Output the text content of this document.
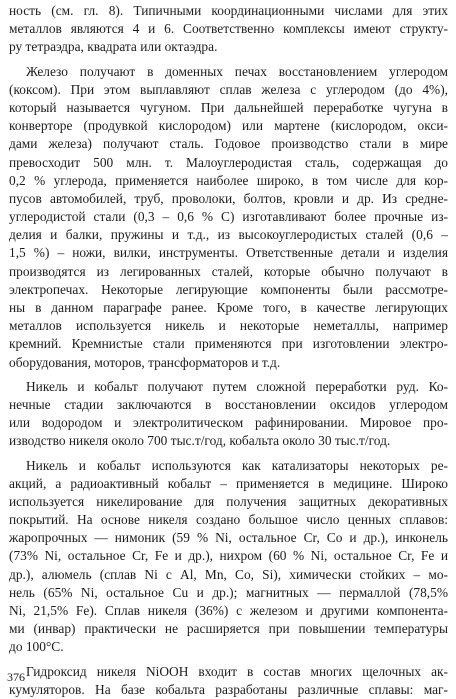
ность (см. гл. 8). Типичными координационными числами для этих
металлов являются 4 и 6. Соответственно комплексы имеют структу-
ру тетраэдра, квадрата или октаэдра.
Железо получают в доменных печах восстановлением углеродом
(коксом). При этом выплавляют сплав железа с углеродом (до 4%),
который называется чугуном. При дальнейшей переработке чугуна в
конверторе (продувкой кислородом) или мартене (кислородом, окси-
дами железа) получают сталь. Годовое производство стали в мире
превосходит 500 млн. т. Малоуглеродистая сталь, содержащая до
0,2 % углерода, применяется наиболее широко, в том числе для кор-
пусов автомобилей, труб, проволоки, болтов, кровли и др. Из средне-
углеродистой стали (0,3 – 0,6 % С) изготавливают более прочные из-
делия и балки, пружины и т.д., из высокоуглеродистых сталей (0,6 –
1,5 %) – ножи, вилки, инструменты. Ответственные детали и изделия
производятся из легированных сталей, которые обычно получают в
электропечах. Некоторые легирующие компоненты были рассмотре-
ны в данном параграфе ранее. Кроме того, в качестве легирующих
металлов используется никель и некоторые неметаллы, например
кремний. Кремнистые стали применяются при изготовлении электро-
оборудования, моторов, трансформаторов и т.д.
Никель и кобальт получают путем сложной переработки руд. Ко-
нечные стадии заключаются в восстановлении оксидов углеродом
или водородом и электролитическом рафинировании. Мировое про-
изводство никеля около 700 тыс.т/год, кобальта около 30 тыс.т/год.
Никель и кобальт используются как катализаторы некоторых ре-
акций, а радиоактивный кобальт – применяется в медицине. Широко
используется никелирование для получения защитных декоративных
покрытий. На основе никеля создано большое число ценных сплавов:
жаропрочных — нимоник (59 % Ni, остальное Cr, Co и др.), инконель
(73% Ni, остальное Cr, Fe и др.), нихром (60 % Ni, остальное Cr, Fe и
др.), алюмель (сплав Ni с Al, Mn, Co, Si), химически стойких – мо-
нель (65% Ni, остальное Cu и др.); магнитных — пермаллой (78,5%
Ni, 21,5% Fe). Сплав никеля (36%) с железом и другими компонента-
ми (инвар) практически не расширяется при повышении температуры
до 100°С.
Гидроксид никеля NiOOH входит в состав многих щелочных ак-
кумуляторов. На базе кобальта разработаны различные сплавы: маг-
376
